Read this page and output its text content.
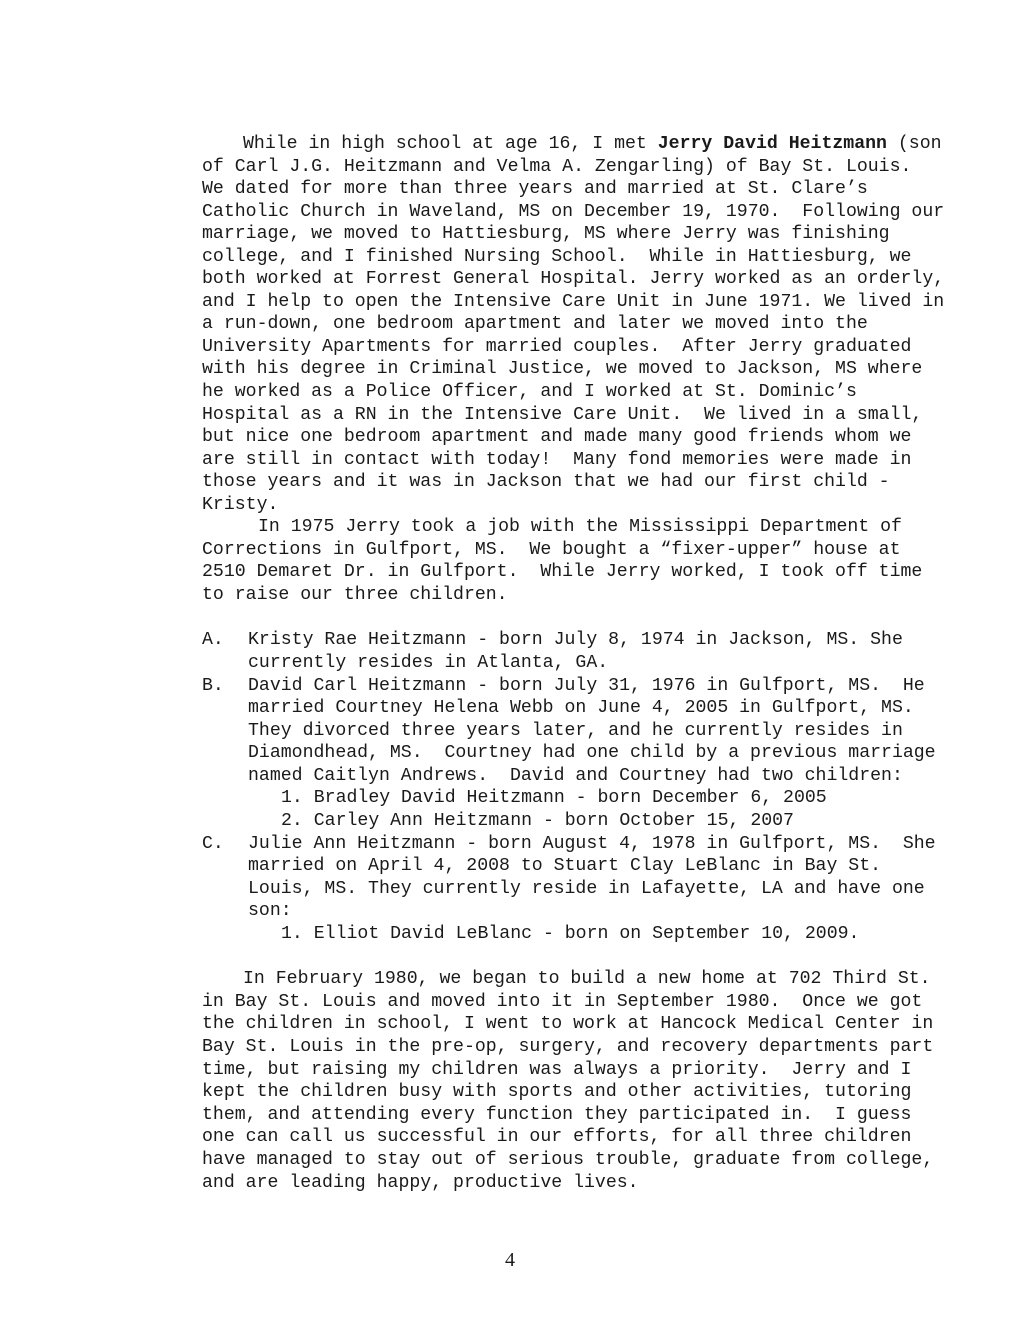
While in high school at age 16, I met Jerry David Heitzmann (son
of Carl J.G. Heitzmann and Velma A. Zengarling) of Bay St. Louis.
We dated for more than three years and married at St. Clare’s
Catholic Church in Waveland, MS on December 19, 1970.  Following our
marriage, we moved to Hattiesburg, MS where Jerry was finishing
college, and I finished Nursing School.  While in Hattiesburg, we
both worked at Forrest General Hospital. Jerry worked as an orderly,
and I help to open the Intensive Care Unit in June 1971. We lived in
a run-down, one bedroom apartment and later we moved into the
University Apartments for married couples.  After Jerry graduated
with his degree in Criminal Justice, we moved to Jackson, MS where
he worked as a Police Officer, and I worked at St. Dominic’s
Hospital as a RN in the Intensive Care Unit.  We lived in a small,
but nice one bedroom apartment and made many good friends whom we
are still in contact with today!  Many fond memories were made in
those years and it was in Jackson that we had our first child -
Kristy.
In 1975 Jerry took a job with the Mississippi Department of
Corrections in Gulfport, MS.  We bought a “fixer-upper” house at
2510 Demaret Dr. in Gulfport.  While Jerry worked, I took off time
to raise our three children.
A. Kristy Rae Heitzmann - born July 8, 1974 in Jackson, MS. She
currently resides in Atlanta, GA.
B. David Carl Heitzmann - born July 31, 1976 in Gulfport, MS.  He
married Courtney Helena Webb on June 4, 2005 in Gulfport, MS.
They divorced three years later, and he currently resides in
Diamondhead, MS.  Courtney had one child by a previous marriage
named Caitlyn Andrews.  David and Courtney had two children:
1. Bradley David Heitzmann - born December 6, 2005
2. Carley Ann Heitzmann - born October 15, 2007
C. Julie Ann Heitzmann - born August 4, 1978 in Gulfport, MS.  She
married on April 4, 2008 to Stuart Clay LeBlanc in Bay St.
Louis, MS. They currently reside in Lafayette, LA and have one
son:
1. Elliot David LeBlanc - born on September 10, 2009.
In February 1980, we began to build a new home at 702 Third St.
in Bay St. Louis and moved into it in September 1980.  Once we got
the children in school, I went to work at Hancock Medical Center in
Bay St. Louis in the pre-op, surgery, and recovery departments part
time, but raising my children was always a priority.  Jerry and I
kept the children busy with sports and other activities, tutoring
them, and attending every function they participated in.  I guess
one can call us successful in our efforts, for all three children
have managed to stay out of serious trouble, graduate from college,
and are leading happy, productive lives.
4
